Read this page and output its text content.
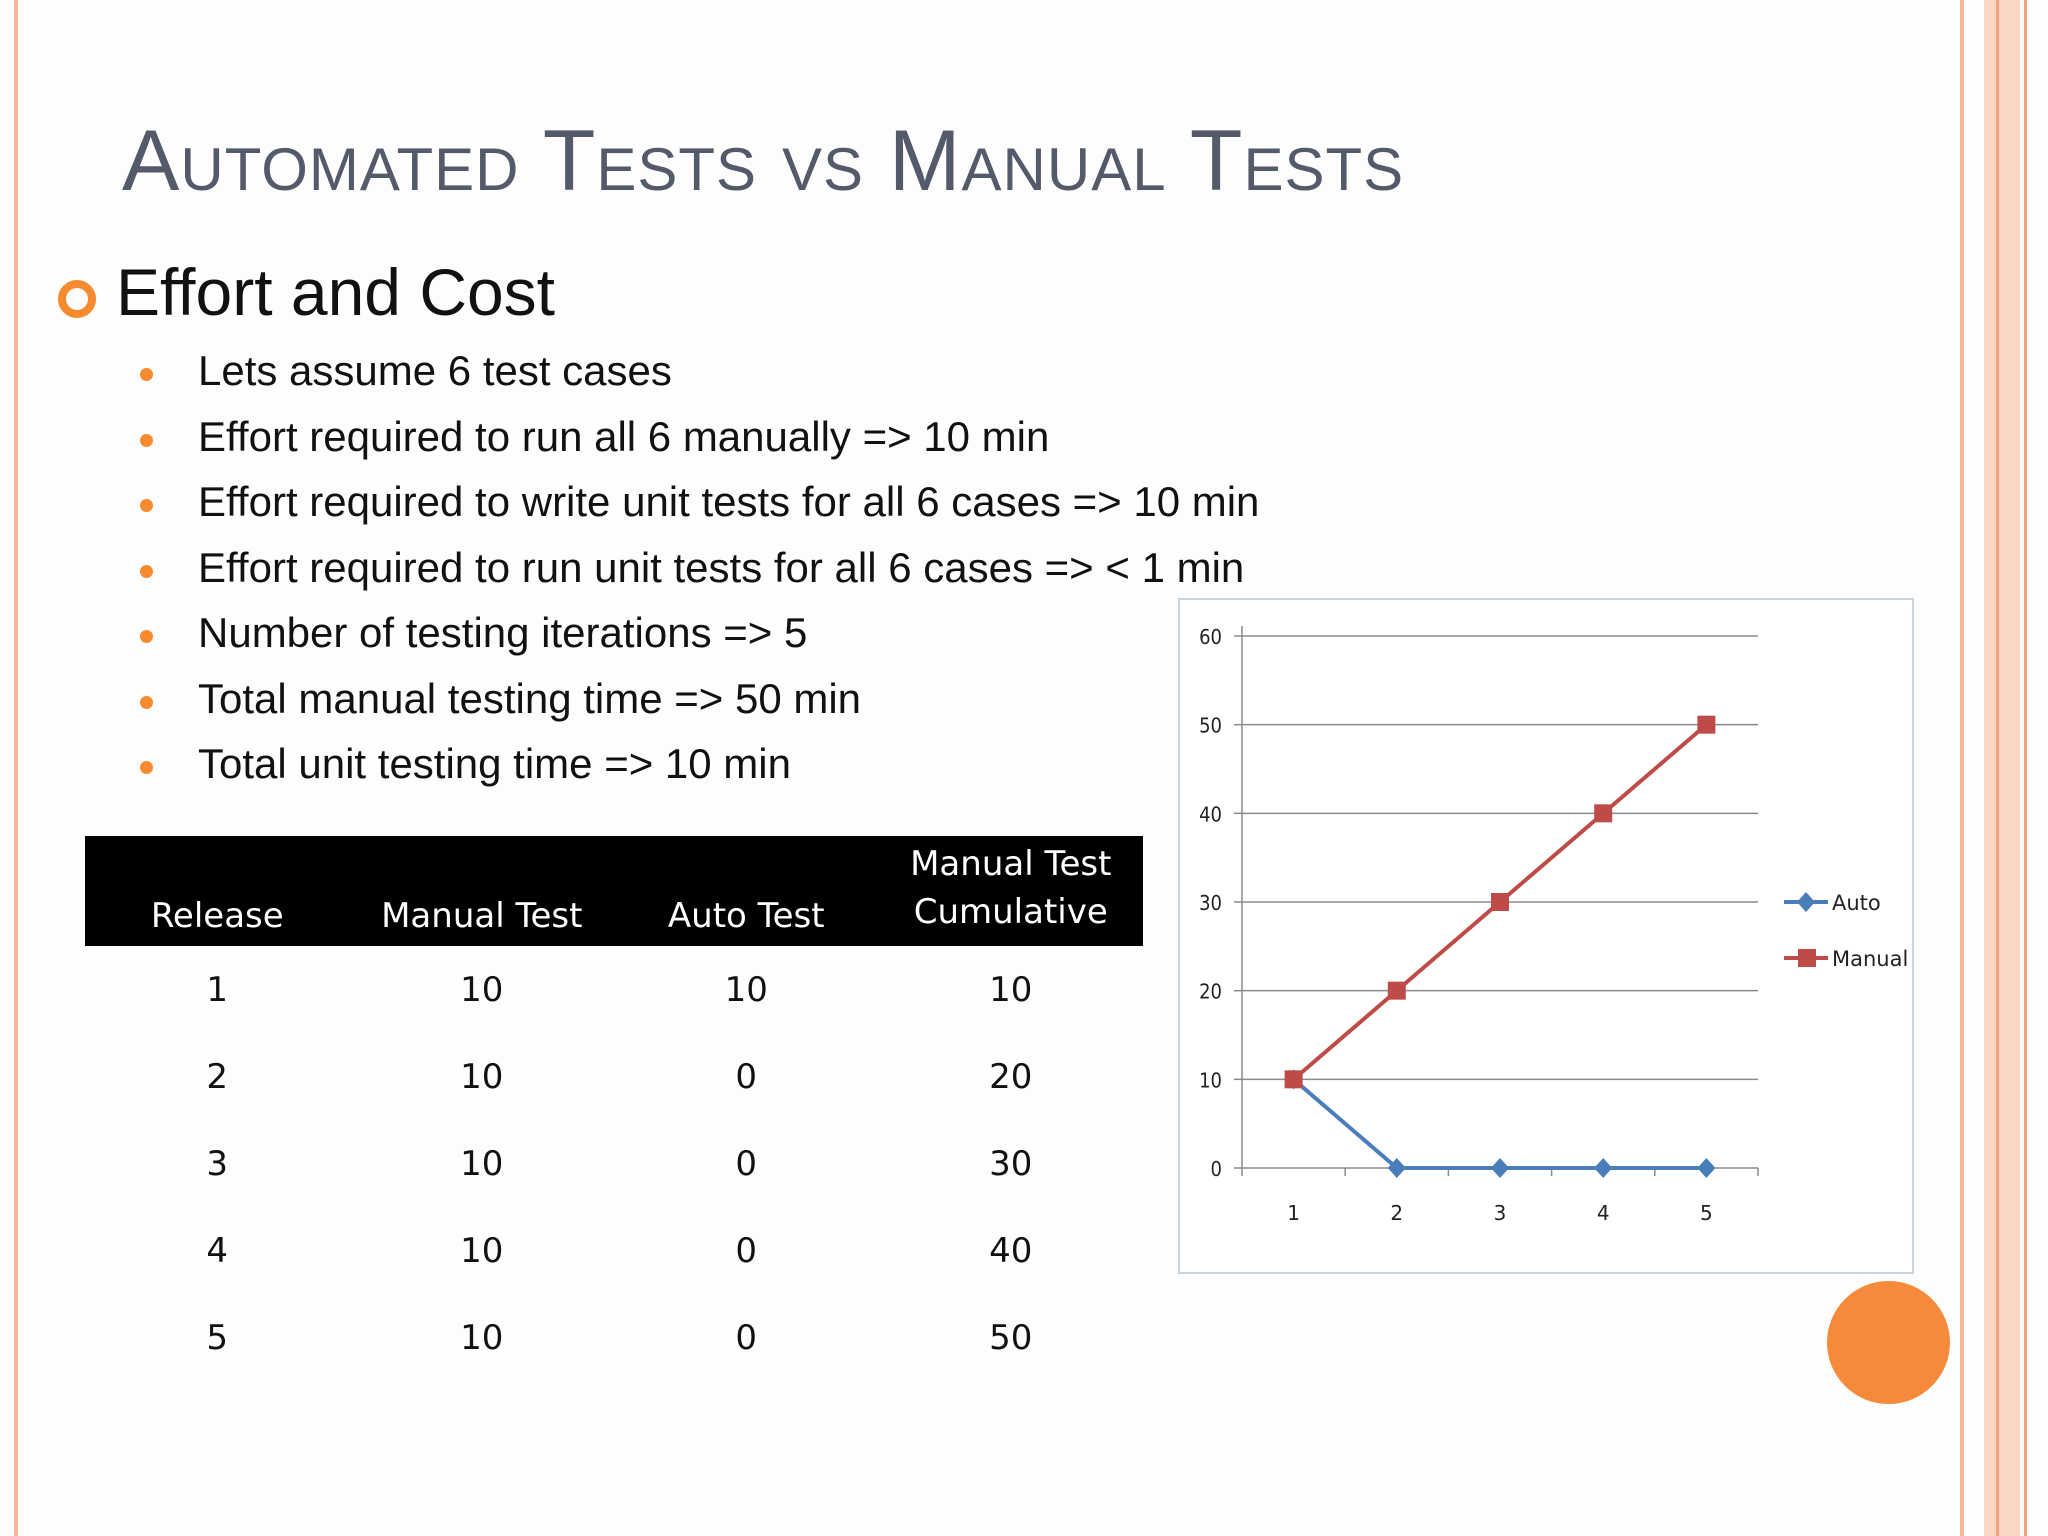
Automated Tests vs Manual Tests
Effort and Cost
Lets assume 6 test cases
Effort required to run all 6 manually => 10 min
Effort required to write unit tests for all 6 cases => 10 min
Effort required to run unit tests for all 6 cases => < 1 min
Number of testing iterations => 5
Total manual testing time => 50 min
Total unit testing time => 10 min
Release	Manual Test	Auto Test	Manual Test Cumulative
1	10	10	10
2	10	0	20
3	10	0	30
4	10	0	40
5	10	0	50
0
10
20
30
40
50
60
1	2	3	4	5
Auto
Manual
